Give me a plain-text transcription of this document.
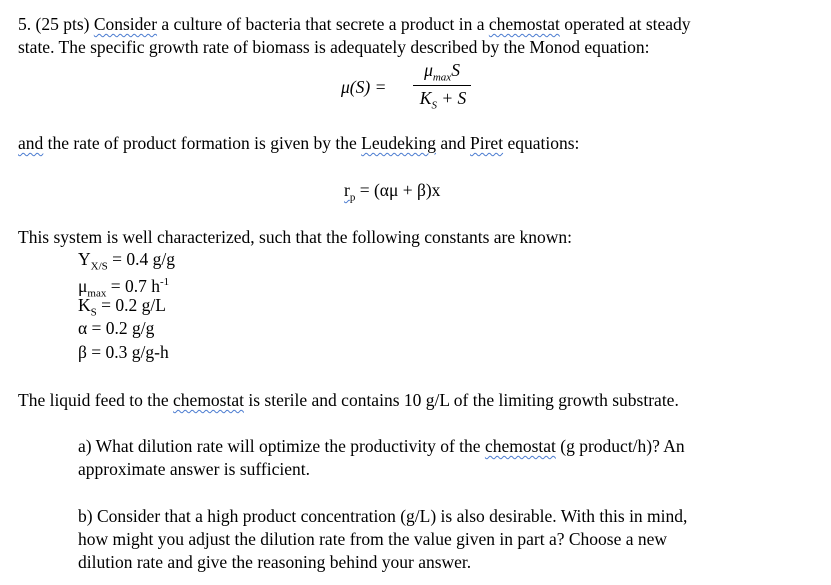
5. (25 pts) Consider a culture of bacteria that secrete a product in a chemostat operated at steady
state. The specific growth rate of biomass is adequately described by the Monod equation:
μ(S) =
$\mu_{max}S$
$K_S + S$
and the rate of product formation is given by the Leudeking and Piret equations:
$r_p = (\alpha\mu + \beta)x$
This system is well characterized, such that the following constants are known:
$Y_{X/S} = 0.4$ g/g
$\mu_{max} = 0.7$ $h^{-1}$
$K_S = 0.2$ g/L
α = 0.2 g/g
β = 0.3 g/g-h
The liquid feed to the chemostat is sterile and contains 10 g/L of the limiting growth substrate.
a) What dilution rate will optimize the productivity of the chemostat (g product/h)? An
approximate answer is sufficient.
b) Consider that a high product concentration (g/L) is also desirable. With this in mind,
how might you adjust the dilution rate from the value given in part a? Choose a new
dilution rate and give the reasoning behind your answer.
